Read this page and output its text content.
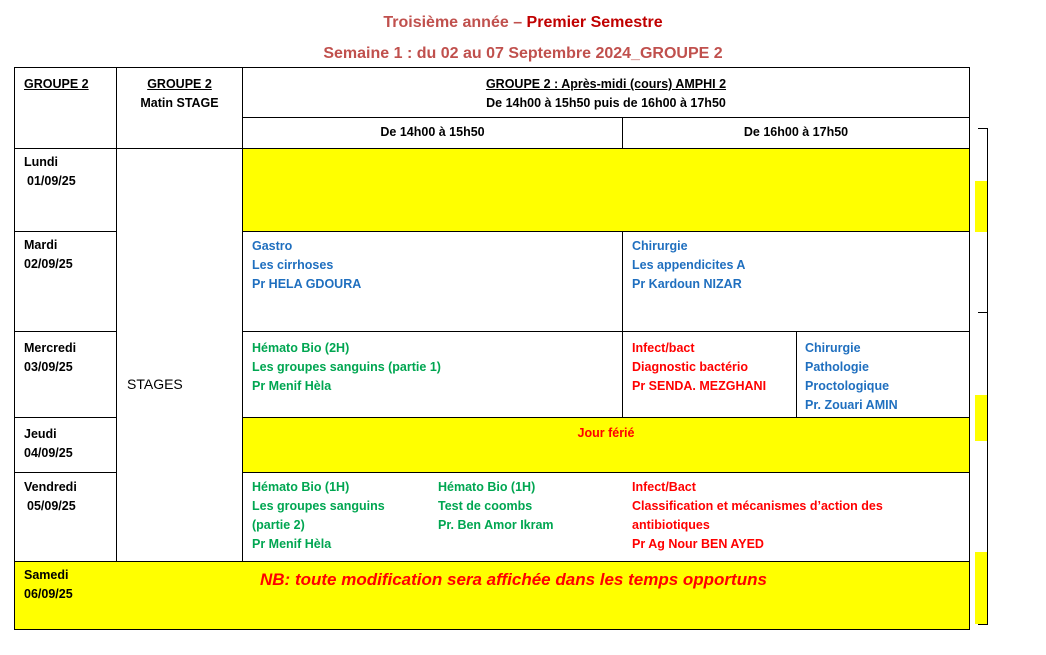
Troisième année – Premier Semestre
Semaine 1 : du 02 au 07 Septembre 2024_GROUPE 2
GROUPE 2	GROUPE 2
Matin STAGE
GROUPE 2 : Après-midi (cours) AMPHI 2
De 14h00 à 15h50 puis de 16h00 à 17h50
De 14h00 à 15h50	De 16h00 à 17h50
Lundi
01/09/25
Mardi
02/09/25
Mercredi
03/09/25
Jeudi
04/09/25
Vendredi
05/09/25
Samedi
06/09/25
STAGES
Gastro
Les cirrhoses
Pr HELA GDOURA
Chirurgie
Les appendicites A
Pr Kardoun NIZAR
Hémato Bio (2H)
Les groupes sanguins (partie 1)
Pr Menif Hèla
Infect/bact
Diagnostic bactério
Pr SENDA. MEZGHANI
Chirurgie
Pathologie
Proctologique
Pr. Zouari AMIN
Jour férié
Hémato Bio (1H)
Les groupes sanguins
(partie 2)
Pr Menif Hèla
Hémato Bio (1H)
Test de coombs
Pr. Ben Amor Ikram
Infect/Bact
Classification et mécanismes d’action des
antibiotiques
Pr Ag Nour BEN AYED
NB: toute modification sera affichée dans les temps opportuns
